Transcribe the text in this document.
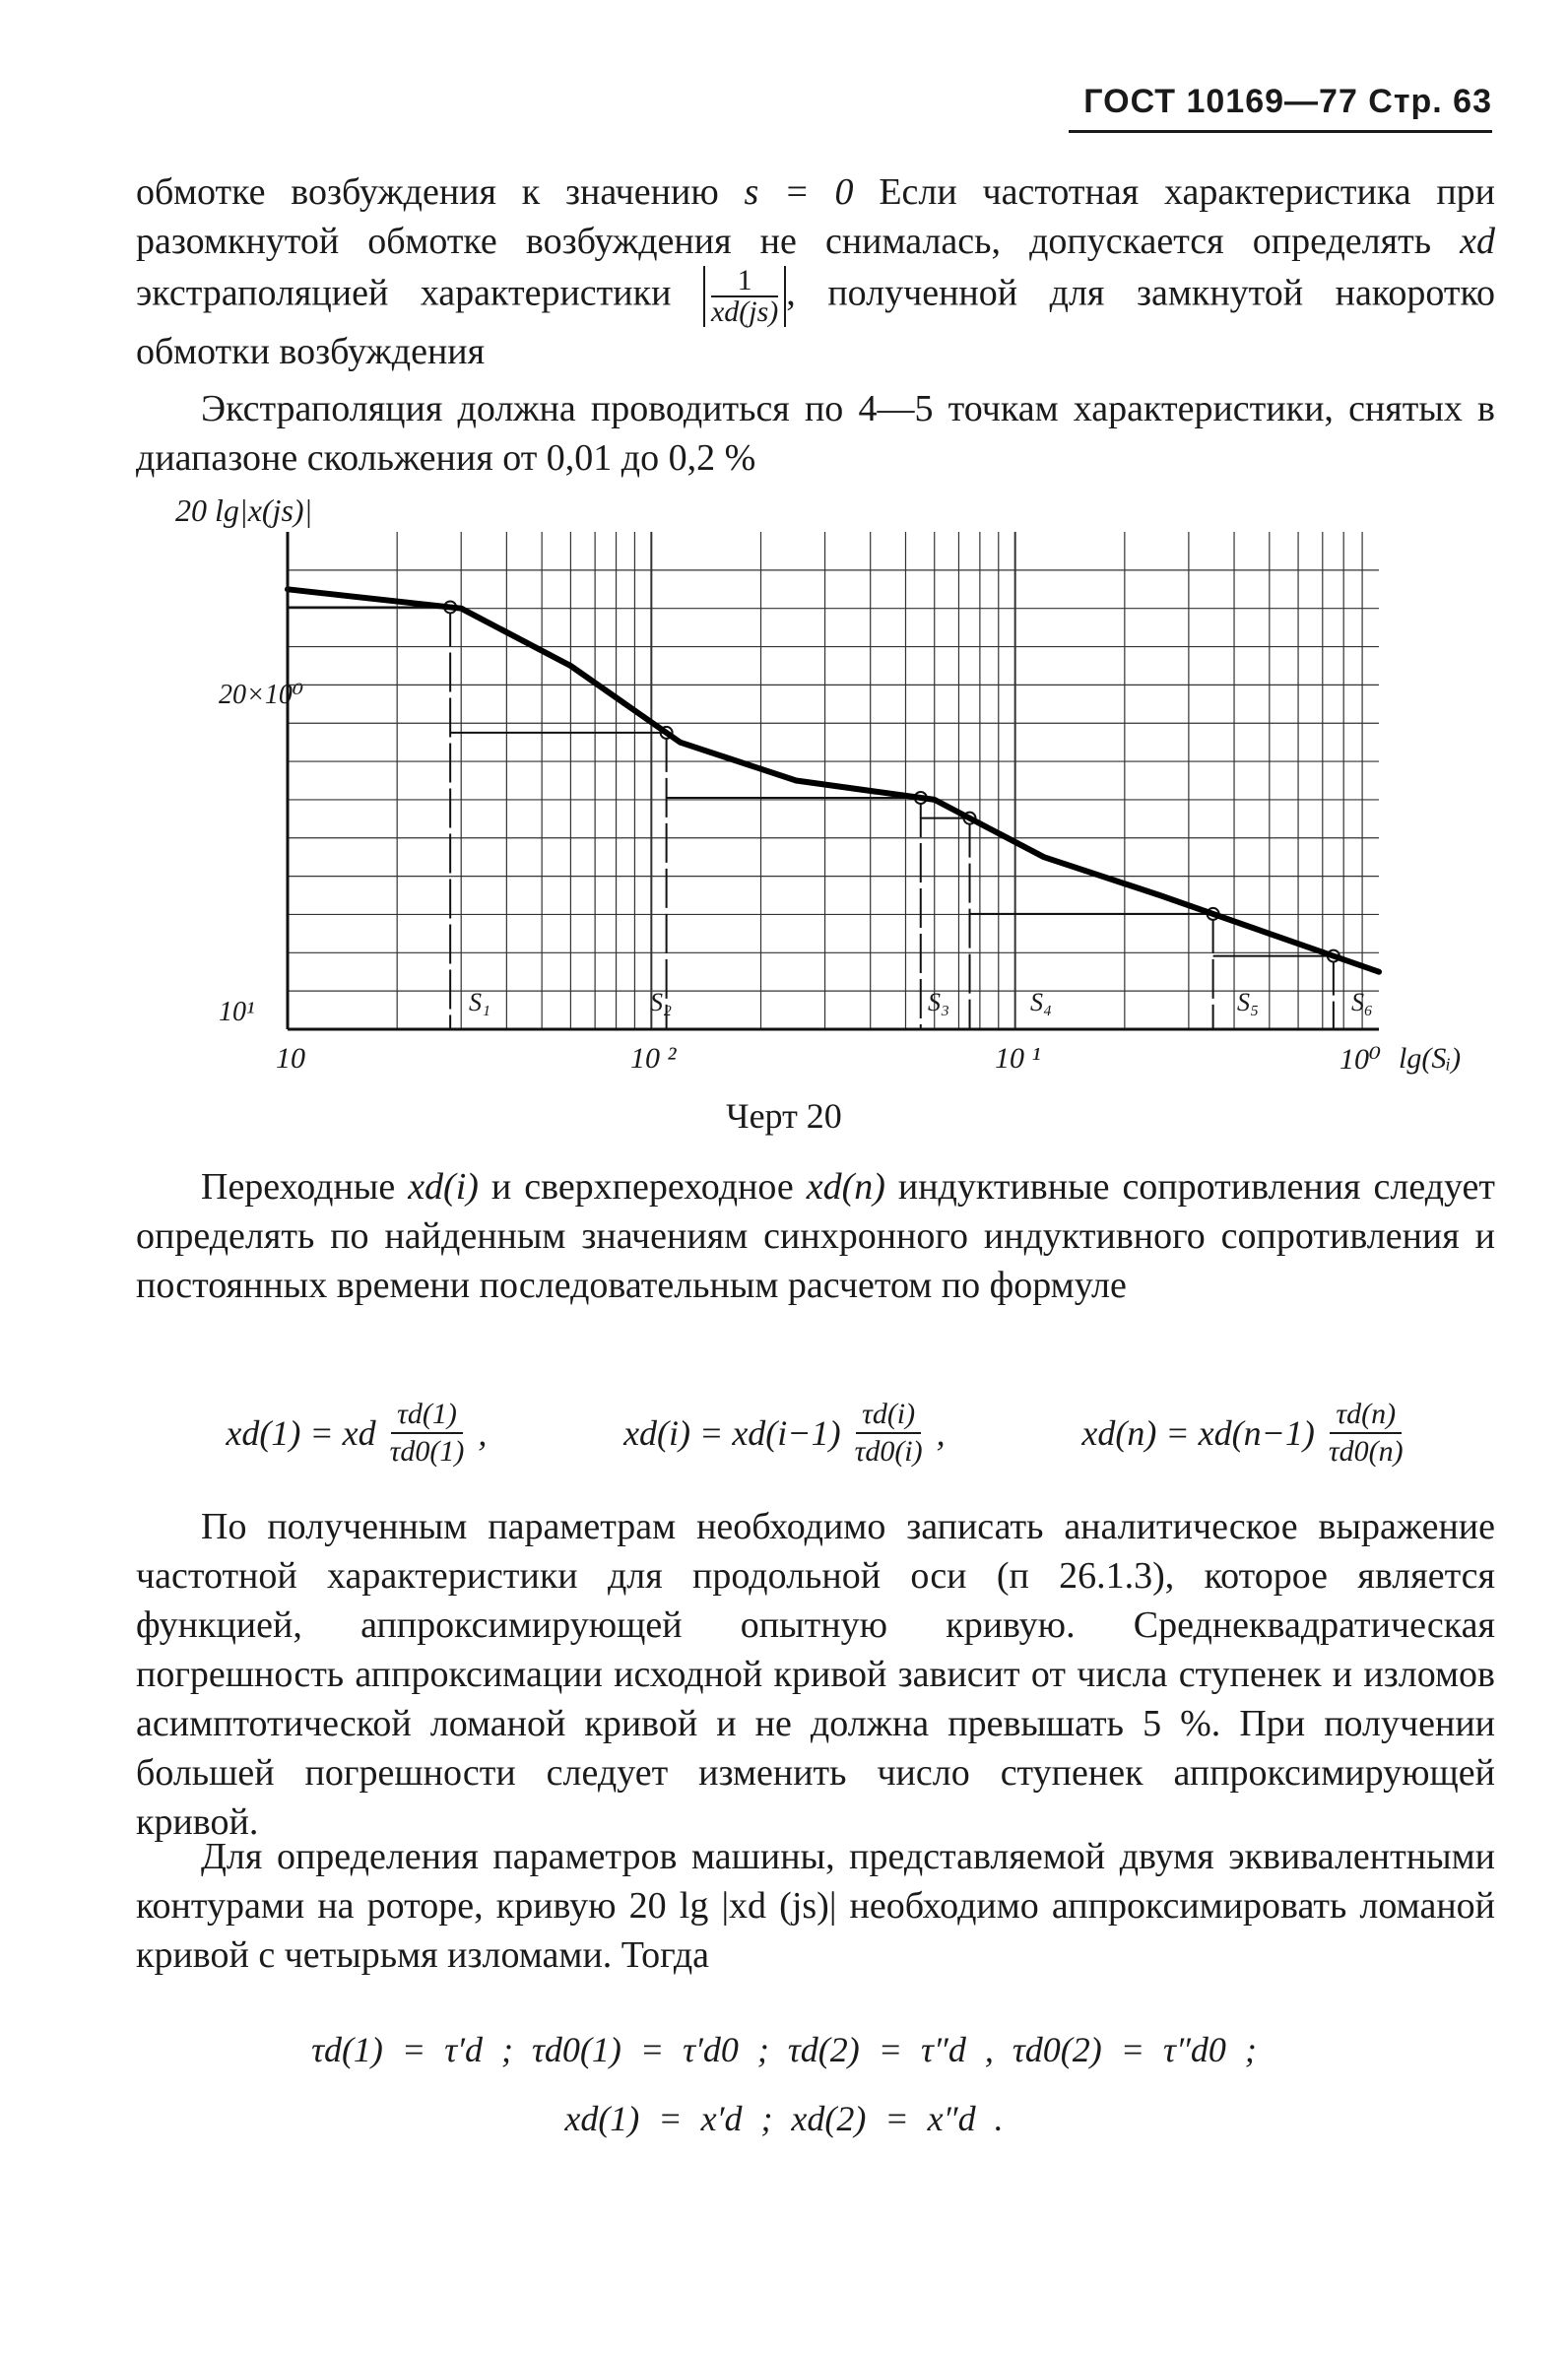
ГОСТ 10169—77 Стр. 63

обмотке возбуждения к значению s = 0 Если частотная характеристика при разомкнутой обмотке возбуждения не снималась, допускается определять xd экстраполяцией характеристики $\frac{1}{xd(js)}$ , полученной для замкнутой накоротко обмотки возбуждения

Экстраполяция должна проводиться по 4—5 точкам характеристики, снятых в диапазоне скольжения от 0,01 до 0,2 %

20 lg|x(js)|
20×10⁰
10¹
10	10 ²	10 ¹	10⁰ lg(Sᵢ)
S₁	S₂	S₃	S₄	S₅	S₆
Черт 20

Переходные xd(i) и сверхпереходное xd(n) индуктивные сопротивления следует определять по найденным значениям синхронного индуктивного сопротивления и постоянных времени последовательным расчетом по формуле

xd(1) = xd $\frac{\tau d(1)}{\tau d0(1)}$ ,	$xd(i) = xd(i-1) \frac{\tau d(i)}{\tau d0(i)}$ ,	$xd(n) = xd(n-1) \frac{\tau d(n)}{\tau d0(n)}$

По полученным параметрам необходимо записать аналитическое выражение частотной характеристики для продольной оси (п 26.1.3), которое является функцией, аппроксимирующей опытную кривую. Среднеквадратическая погрешность аппроксимации исходной кривой зависит от числа ступенек и изломов асимптотической ломаной кривой и не должна превышать 5 %. При получении большей погрешности следует изменить число ступенек аппроксимирующей кривой.

Для определения параметров машины, представляемой двумя эквивалентными контурами на роторе, кривую 20 lg |xd (js)| необходимо аппроксимировать ломаной кривой с четырьмя изломами. Тогда

τd(1) = τ′d ; τd0(1) = τ′d0 ; τd(2) = τ″d , τd0(2) = τ″d0 ;
xd(1) = x′d ; xd(2) = x″d .
